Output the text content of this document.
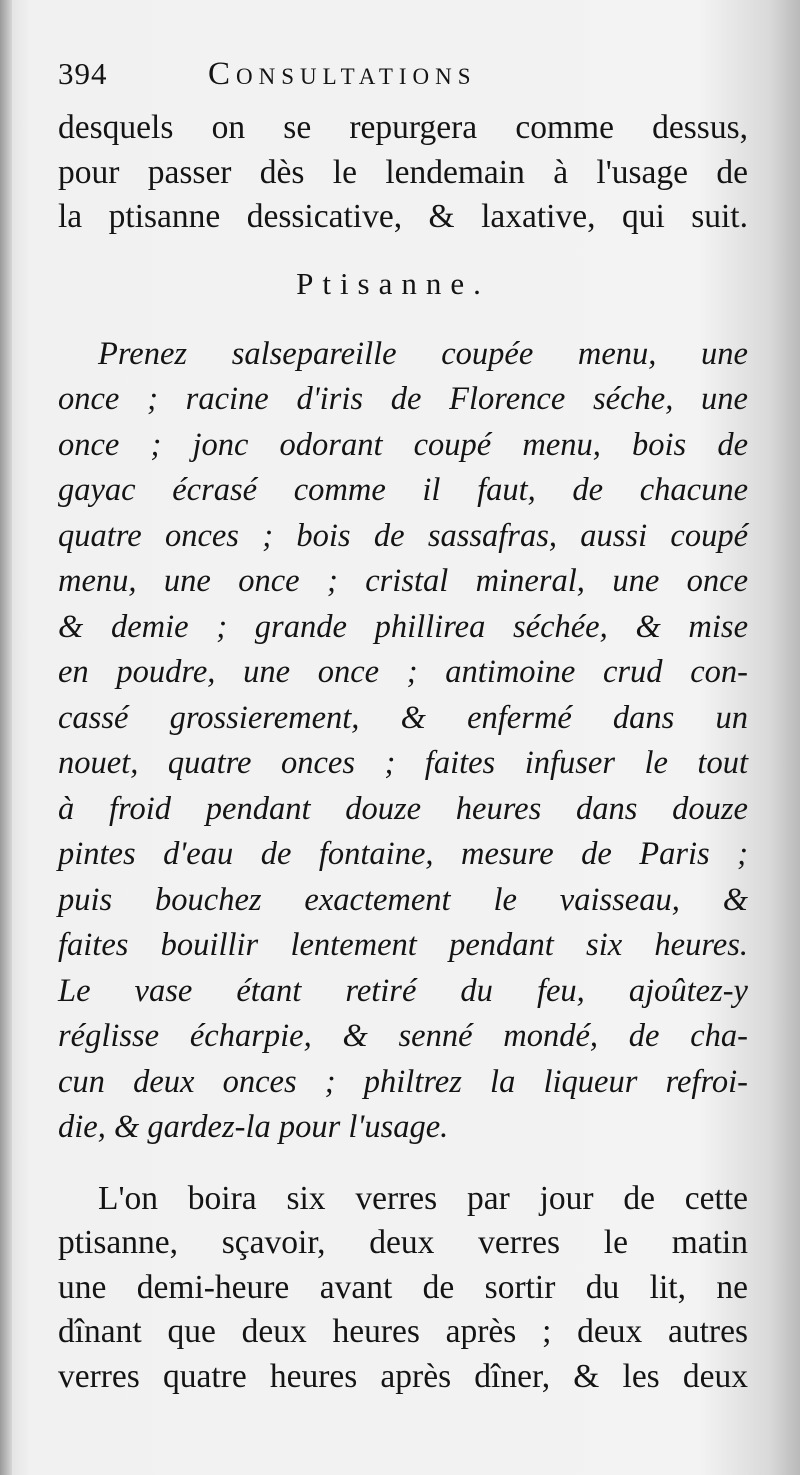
394	Consultations
desquels on se repurgera comme dessus,
pour passer dès le lendemain à l'usage de
la ptisanne dessicative, & laxative, qui suit.
Ptisanne.
Prenez salsepareille coupée menu, une
once ; racine d'iris de Florence séche, une
once ; jonc odorant coupé menu, bois de
gayac écrasé comme il faut, de chacune
quatre onces ; bois de sassafras, aussi coupé
menu, une once ; cristal mineral, une once
& demie ; grande phillirea séchée, & mise
en poudre, une once ; antimoine crud con-
cassé grossierement, & enfermé dans un
nouet, quatre onces ; faites infuser le tout
à froid pendant douze heures dans douze
pintes d'eau de fontaine, mesure de Paris ;
puis bouchez exactement le vaisseau, &
faites bouillir lentement pendant six heures.
Le vase étant retiré du feu, ajoûtez-y
réglisse écharpie, & senné mondé, de cha-
cun deux onces ; philtrez la liqueur refroi-
die, & gardez-la pour l'usage.
L'on boira six verres par jour de cette
ptisanne, sçavoir, deux verres le matin
une demi-heure avant de sortir du lit, ne
dînant que deux heures après ; deux autres
verres quatre heures après dîner, & les deux
